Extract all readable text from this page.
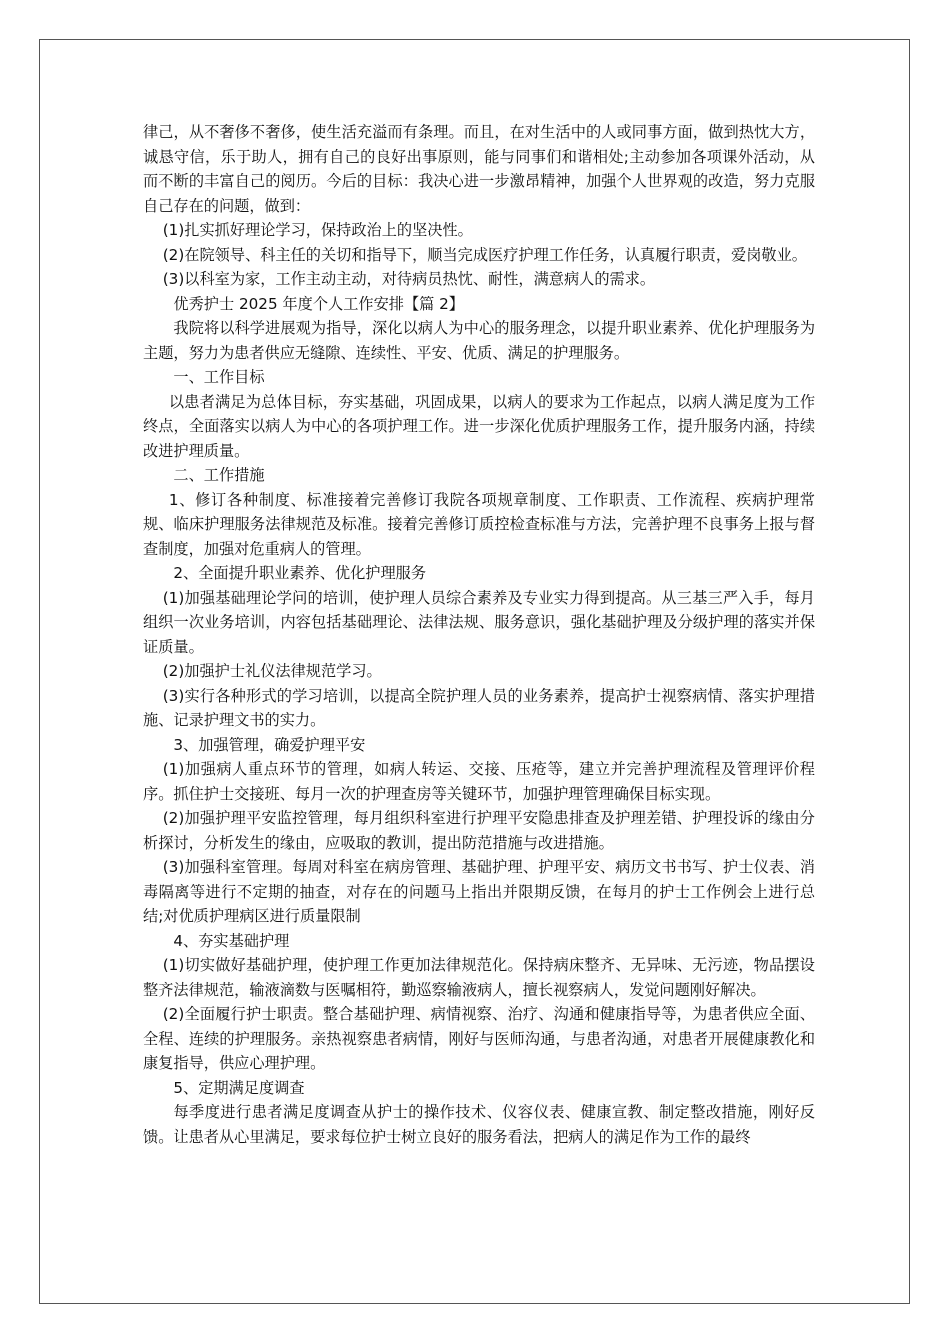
律己，从不奢侈不奢侈，使生活充溢而有条理。而且，在对生活中的人或同事方面，做到热忱大方，诚恳守信，乐于助人，拥有自己的良好出事原则，能与同事们和谐相处;主动参加各项课外活动，从而不断的丰富自己的阅历。今后的目标：我决心进一步激昂精神，加强个人世界观的改造，努力克服自己存在的问题，做到：

(1)扎实抓好理论学习，保持政治上的坚决性。

(2)在院领导、科主任的关切和指导下，顺当完成医疗护理工作任务，认真履行职责，爱岗敬业。

(3)以科室为家，工作主动主动，对待病员热忱、耐性，满意病人的需求。

优秀护士 2025 年度个人工作安排【篇 2】

我院将以科学进展观为指导，深化以病人为中心的服务理念，以提升职业素养、优化护理服务为主题，努力为患者供应无缝隙、连续性、平安、优质、满足的护理服务。

一、工作目标

以患者满足为总体目标，夯实基础，巩固成果，以病人的要求为工作起点，以病人满足度为工作终点，全面落实以病人为中心的各项护理工作。进一步深化优质护理服务工作，提升服务内涵，持续改进护理质量。

二、工作措施

1、修订各种制度、标准接着完善修订我院各项规章制度、工作职责、工作流程、疾病护理常规、临床护理服务法律规范及标准。接着完善修订质控检查标准与方法，完善护理不良事务上报与督查制度，加强对危重病人的管理。

2、全面提升职业素养、优化护理服务

(1)加强基础理论学问的培训，使护理人员综合素养及专业实力得到提高。从三基三严入手，每月组织一次业务培训，内容包括基础理论、法律法规、服务意识，强化基础护理及分级护理的落实并保证质量。

(2)加强护士礼仪法律规范学习。

(3)实行各种形式的学习培训，以提高全院护理人员的业务素养，提高护士视察病情、落实护理措施、记录护理文书的实力。

3、加强管理，确爱护理平安

(1)加强病人重点环节的管理，如病人转运、交接、压疮等，建立并完善护理流程及管理评价程序。抓住护士交接班、每月一次的护理查房等关键环节，加强护理管理确保目标实现。

(2)加强护理平安监控管理，每月组织科室进行护理平安隐患排查及护理差错、护理投诉的缘由分析探讨，分析发生的缘由，应吸取的教训，提出防范措施与改进措施。

(3)加强科室管理。每周对科室在病房管理、基础护理、护理平安、病历文书书写、护士仪表、消毒隔离等进行不定期的抽查，对存在的问题马上指出并限期反馈，在每月的护士工作例会上进行总结;对优质护理病区进行质量限制

4、夯实基础护理

(1)切实做好基础护理，使护理工作更加法律规范化。保持病床整齐、无异味、无污迹，物品摆设整齐法律规范，输液滴数与医嘱相符，勤巡察输液病人，擅长视察病人，发觉问题刚好解决。

(2)全面履行护士职责。整合基础护理、病情视察、治疗、沟通和健康指导等，为患者供应全面、全程、连续的护理服务。亲热视察患者病情，刚好与医师沟通，与患者沟通，对患者开展健康教化和康复指导，供应心理护理。

5、定期满足度调查

每季度进行患者满足度调查从护士的操作技术、仪容仪表、健康宣教、制定整改措施，刚好反馈。让患者从心里满足，要求每位护士树立良好的服务看法，把病人的满足作为工作的最终
